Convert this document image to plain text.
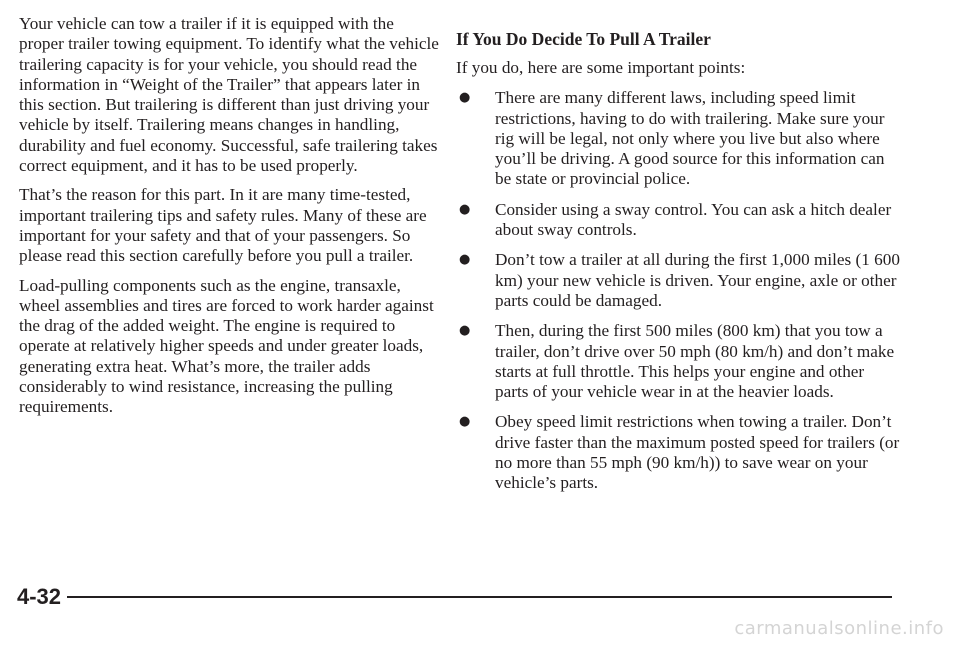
Your vehicle can tow a trailer if it is equipped with the proper trailer towing equipment. To identify what the vehicle trailering capacity is for your vehicle, you should read the information in “Weight of the Trailer” that appears later in this section. But trailering is different than just driving your vehicle by itself. Trailering means changes in handling, durability and fuel economy. Successful, safe trailering takes correct equipment, and it has to be used properly.

That’s the reason for this part. In it are many time-tested, important trailering tips and safety rules. Many of these are important for your safety and that of your passengers. So please read this section carefully before you pull a trailer.

Load-pulling components such as the engine, transaxle, wheel assemblies and tires are forced to work harder against the drag of the added weight. The engine is required to operate at relatively higher speeds and under greater loads, generating extra heat. What’s more, the trailer adds considerably to wind resistance, increasing the pulling requirements.

If You Do Decide To Pull A Trailer

If you do, here are some important points:

● There are many different laws, including speed limit restrictions, having to do with trailering. Make sure your rig will be legal, not only where you live but also where you’ll be driving. A good source for this information can be state or provincial police.
● Consider using a sway control. You can ask a hitch dealer about sway controls.
● Don’t tow a trailer at all during the first 1,000 miles (1 600 km) your new vehicle is driven. Your engine, axle or other parts could be damaged.
● Then, during the first 500 miles (800 km) that you tow a trailer, don’t drive over 50 mph (80 km/h) and don’t make starts at full throttle. This helps your engine and other parts of your vehicle wear in at the heavier loads.
● Obey speed limit restrictions when towing a trailer. Don’t drive faster than the maximum posted speed for trailers (or no more than 55 mph (90 km/h)) to save wear on your vehicle’s parts.
4-32
carmanualsonline.info
